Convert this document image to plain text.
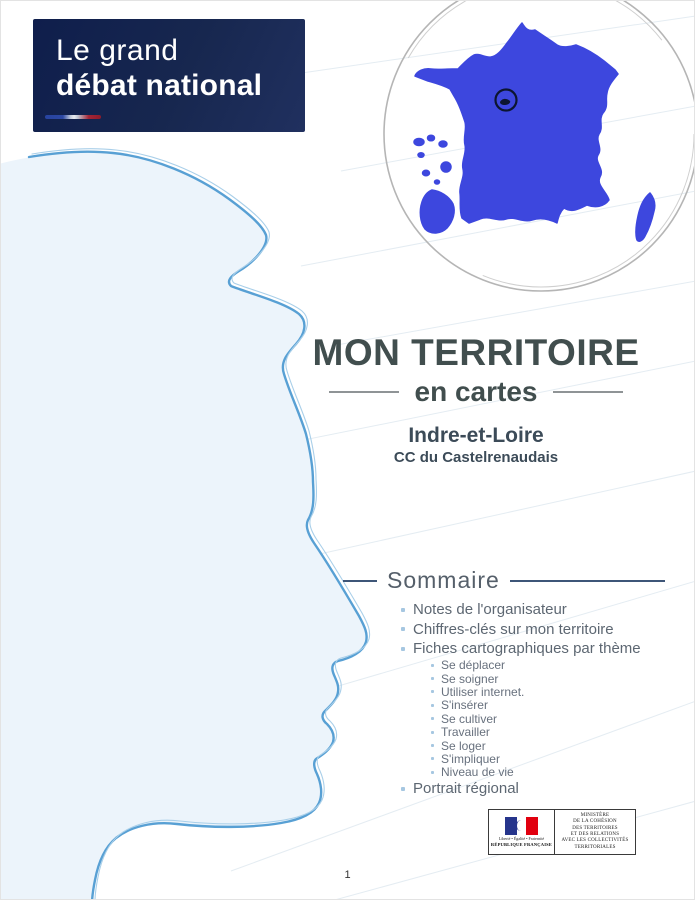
Le grand
débat national
MON TERRITOIRE
en cartes
Indre-et-Loire
CC du Castelrenaudais
Sommaire
Notes de l'organisateur
Chiffres-clés sur mon territoire
Fiches cartographiques par thème
Se déplacer
Se soigner
Utiliser internet.
S'insérer
Se cultiver
Travailler
Se loger
S'impliquer
Niveau de vie
Portrait régional
Liberté • Égalité • Fraternité
RÉPUBLIQUE FRANÇAISE
MINISTÈRE
DE LA COHÉSION
DES TERRITOIRES
ET DES RELATIONS
AVEC LES COLLECTIVITÉS
TERRITORIALES
1
